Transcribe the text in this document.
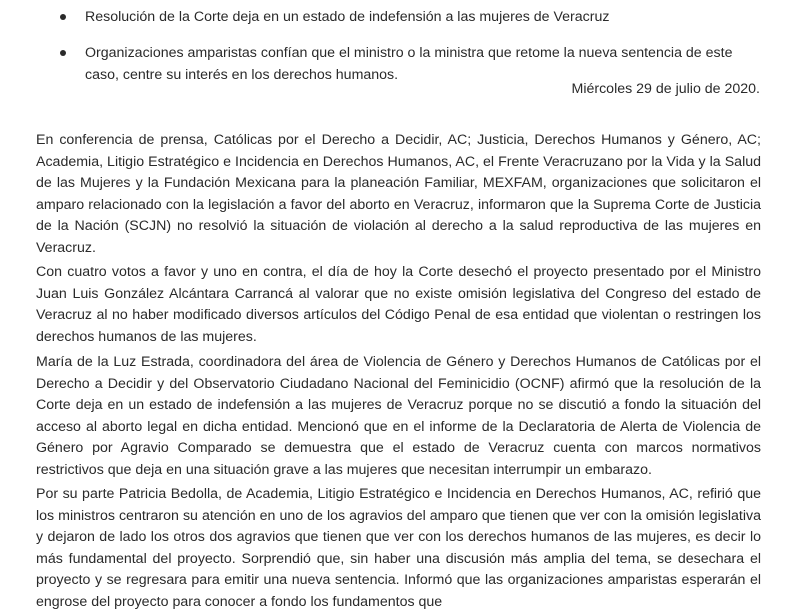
Resolución de la Corte deja en un estado de indefensión a las mujeres de Veracruz
Organizaciones amparistas confían que el ministro o la ministra que retome la nueva sentencia de este caso, centre su interés en los derechos humanos.
Miércoles 29 de julio de 2020.

En conferencia de prensa, Católicas por el Derecho a Decidir, AC; Justicia, Derechos Humanos y Género, AC; Academia, Litigio Estratégico e Incidencia en Derechos Humanos, AC, el Frente Veracruzano por la Vida y la Salud de las Mujeres y la Fundación Mexicana para la planeación Familiar, MEXFAM, organizaciones que solicitaron el amparo relacionado con la legislación a favor del aborto en Veracruz, informaron que la Suprema Corte de Justicia de la Nación (SCJN) no resolvió la situación de violación al derecho a la salud reproductiva de las mujeres en Veracruz.

Con cuatro votos a favor y uno en contra, el día de hoy la Corte desechó el proyecto presentado por el Ministro Juan Luis González Alcántara Carrancá al valorar que no existe omisión legislativa del Congreso del estado de Veracruz al no haber modificado diversos artículos del Código Penal de esa entidad que violentan o restringen los derechos humanos de las mujeres.

María de la Luz Estrada, coordinadora del área de Violencia de Género y Derechos Humanos de Católicas por el Derecho a Decidir y del Observatorio Ciudadano Nacional del Feminicidio (OCNF) afirmó que la resolución de la Corte deja en un estado de indefensión a las mujeres de Veracruz porque no se discutió a fondo la situación del acceso al aborto legal en dicha entidad. Mencionó que en el informe de la Declaratoria de Alerta de Violencia de Género por Agravio Comparado se demuestra que el estado de Veracruz cuenta con marcos normativos restrictivos que deja en una situación grave a las mujeres que necesitan interrumpir un embarazo.

Por su parte Patricia Bedolla, de Academia, Litigio Estratégico e Incidencia en Derechos Humanos, AC, refirió que los ministros centraron su atención en uno de los agravios del amparo que tienen que ver con la omisión legislativa y dejaron de lado los otros dos agravios que tienen que ver con los derechos humanos de las mujeres, es decir lo más fundamental del proyecto. Sorprendió que, sin haber una discusión más amplia del tema, se desechara el proyecto y se regresara para emitir una nueva sentencia. Informó que las organizaciones amparistas esperarán el engrose del proyecto para conocer a fondo los fundamentos que
